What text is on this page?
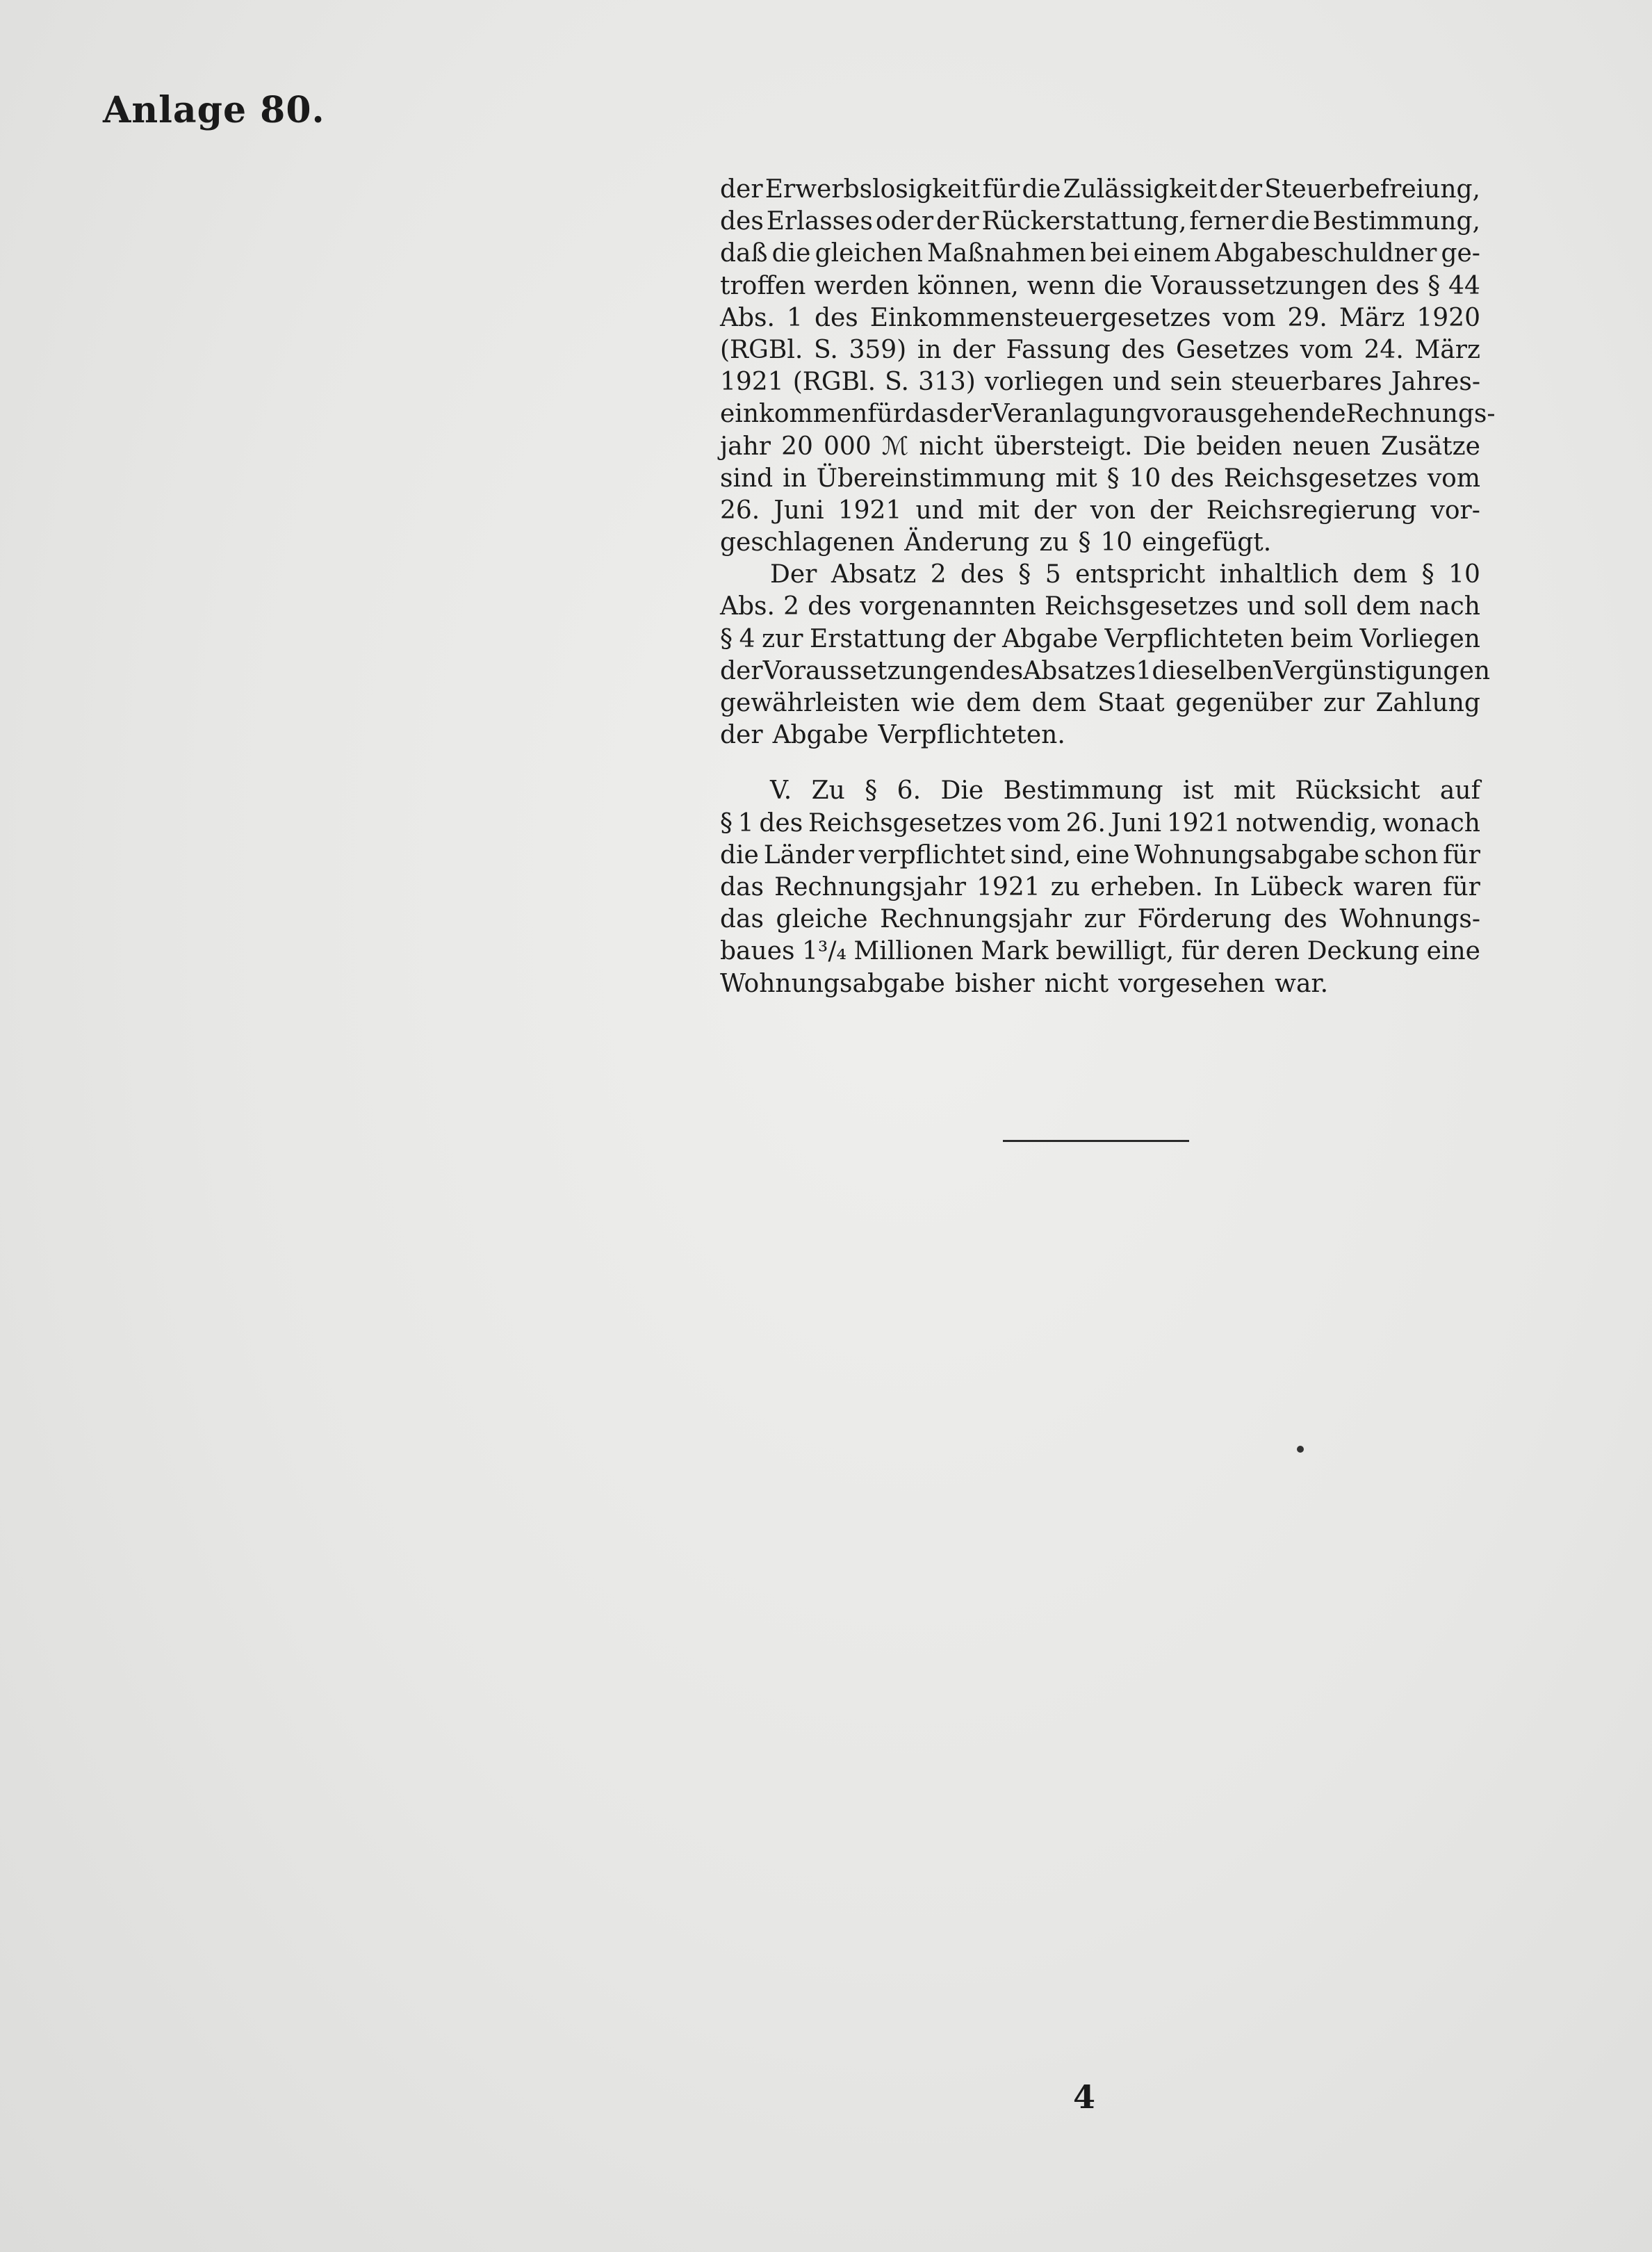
Anlage 80.
der Erwerbslosigkeit für die Zulässigkeit der Steuerbefreiung,
des Erlasses oder der Rückerstattung, ferner die Bestimmung,
daß die gleichen Maßnahmen bei einem Abgabeschuldner ge-
troffen werden können, wenn die Voraussetzungen des § 44
Abs. 1 des Einkommensteuergesetzes vom 29. März 1920
(RGBl. S. 359) in der Fassung des Gesetzes vom 24. März
1921 (RGBl. S. 313) vorliegen und sein steuerbares Jahres-
einkommen für das der Veranlagung vorausgehende Rechnungs-
jahr 20 000 ℳ nicht übersteigt. Die beiden neuen Zusätze
sind in Übereinstimmung mit § 10 des Reichsgesetzes vom
26. Juni 1921 und mit der von der Reichsregierung vor-
geschlagenen Änderung zu § 10 eingefügt.
Der Absatz 2 des § 5 entspricht inhaltlich dem § 10
Abs. 2 des vorgenannten Reichsgesetzes und soll dem nach
§ 4 zur Erstattung der Abgabe Verpflichteten beim Vorliegen
der Voraussetzungen des Absatzes 1 dieselben Vergünstigungen
gewährleisten wie dem dem Staat gegenüber zur Zahlung
der Abgabe Verpflichteten.
V. Zu § 6. Die Bestimmung ist mit Rücksicht auf
§ 1 des Reichsgesetzes vom 26. Juni 1921 notwendig, wonach
die Länder verpflichtet sind, eine Wohnungsabgabe schon für
das Rechnungsjahr 1921 zu erheben. In Lübeck waren für
das gleiche Rechnungsjahr zur Förderung des Wohnungs-
baues 1³/₄ Millionen Mark bewilligt, für deren Deckung eine
Wohnungsabgabe bisher nicht vorgesehen war.
4
